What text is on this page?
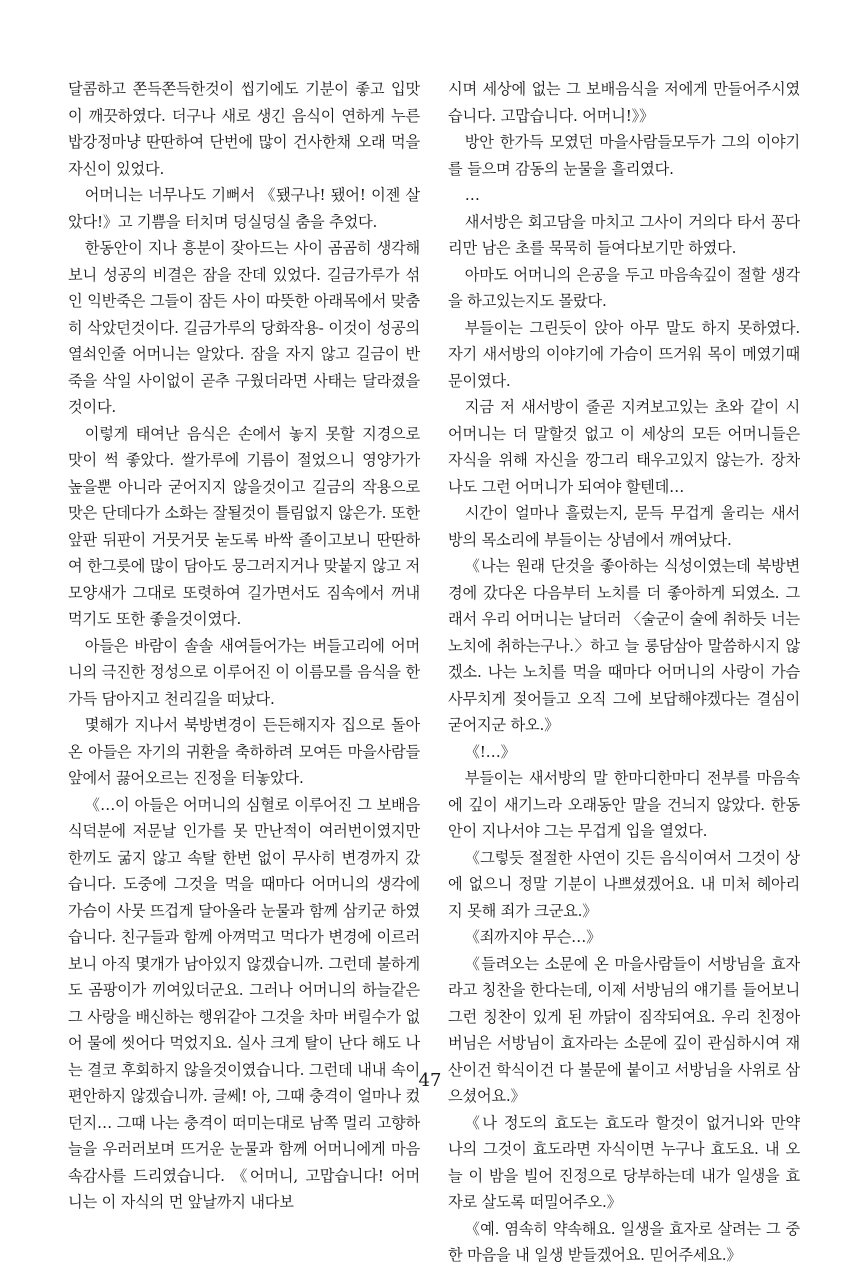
달콤하고 쫀득쫀득한것이 씹기에도 기분이 좋고 입맛이 깨끗하였다. 더구나 새로 생긴 음식이 연하게 누른 밥강정마냥 딴딴하여 단번에 많이 건사한채 오래 먹을 자신이 있었다.

어머니는 너무나도 기뻐서 《됐구나! 됐어! 이젠 살았다!》고 기쁨을 터치며 덩실덩실 춤을 추었다.

한동안이 지나 흥분이 잦아드는 사이 곰곰히 생각해보니 성공의 비결은 잠을 잔데 있었다. 길금가루가 섞인 익반죽은 그들이 잠든 사이 따뜻한 아래목에서 맞춤히 삭았던것이다. 길금가루의 당화작용- 이것이 성공의 열쇠인줄 어머니는 알았다. 잠을 자지 않고 길금이 반죽을 삭일 사이없이 곧추 구웠더라면 사태는 달라졌을것이다.

이렇게 태여난 음식은 손에서 놓지 못할 지경으로 맛이 썩 좋았다. 쌀가루에 기름이 절었으니 영양가가 높을뿐 아니라 굳어지지 않을것이고 길금의 작용으로 맛은 단데다가 소화는 잘될것이 틀림없지 않은가. 또한 앞판 뒤판이 거뭇거뭇 눋도록 바싹 졸이고보니 딴딴하여 한그릇에 많이 담아도 뭉그러지거나 맞붙지 않고 저 모양새가 그대로 또렷하여 길가면서도 짐속에서 꺼내먹기도 또한 좋을것이였다.

아들은 바람이 솔솔 새여들어가는 버들고리에 어머니의 극진한 정성으로 이루어진 이 이름모를 음식을 한가득 담아지고 천리길을 떠났다.

몇해가 지나서 북방변경이 든든해지자 집으로 돌아온 아들은 자기의 귀환을 축하하려 모여든 마을사람들앞에서 끓어오르는 진정을 터놓았다.

《…이 아들은 어머니의 심혈로 이루어진 그 보배음식덕분에 저문날 인가를 못 만난적이 여러번이였지만 한끼도 굶지 않고 속탈 한번 없이 무사히 변경까지 갔습니다. 도중에 그것을 먹을 때마다 어머니의 생각에 가슴이 사뭇 뜨겁게 달아올라 눈물과 함께 삼키군 하였습니다. 친구들과 함께 아껴먹고 먹다가 변경에 이르러 보니 아직 몇개가 남아있지 않겠습니까. 그런데 불하게도 곰팡이가 끼여있더군요. 그러나 어머니의 하늘같은 그 사랑을 배신하는 행위같아 그것을 차마 버릴수가 없어 물에 씻어다 먹었지요. 실사 크게 탈이 난다 해도 나는 결코 후회하지 않을것이였습니다. 그런데 내내 속이 편안하지 않겠습니까. 글쎄! 아, 그때 충격이 얼마나 컸던지… 그때 나는 충격이 떠미는대로 남쪽 멀리 고향하늘을 우러러보며 뜨거운 눈물과 함께 어머니에게 마음속감사를 드리였습니다. 《어머니, 고맙습니다! 어머니는 이 자식의 먼 앞날까지 내다보

시며 세상에 없는 그 보배음식을 저에게 만들어주시였습니다. 고맙습니다. 어머니!》》

방안 한가득 모였던 마을사람들모두가 그의 이야기를 들으며 감동의 눈물을 흘리였다.

…

새서방은 회고담을 마치고 그사이 거의다 타서 꽁다리만 남은 초를 묵묵히 들여다보기만 하였다.

아마도 어머니의 은공을 두고 마음속깊이 절할 생각을 하고있는지도 몰랐다.

부들이는 그린듯이 앉아 아무 말도 하지 못하였다. 자기 새서방의 이야기에 가슴이 뜨거워 목이 메였기때문이였다.

지금 저 새서방이 줄곧 지켜보고있는 초와 같이 시어머니는 더 말할것 없고 이 세상의 모든 어머니들은 자식을 위해 자신을 깡그리 태우고있지 않는가. 장차 나도 그런 어머니가 되여야 할텐데…

시간이 얼마나 흘렀는지, 문득 무겁게 울리는 새서방의 목소리에 부들이는 상념에서 깨여났다.

《나는 원래 단것을 좋아하는 식성이였는데 북방변경에 갔다온 다음부터 노치를 더 좋아하게 되였소. 그래서 우리 어머니는 날더러 〈술군이 술에 취하듯 너는 노치에 취하는구나.〉하고 늘 롱담삼아 말씀하시지 않겠소. 나는 노치를 먹을 때마다 어머니의 사랑이 가슴사무치게 젖어들고 오직 그에 보답해야겠다는 결심이 굳어지군 하오.》

《!…》

부들이는 새서방의 말 한마디한마디 전부를 마음속에 깊이 새기느라 오래동안 말을 건늬지 않았다. 한동안이 지나서야 그는 무겁게 입을 열었다.

《그렇듯 절절한 사연이 깃든 음식이여서 그것이 상에 없으니 정말 기분이 나쁘셨겠어요. 내 미처 헤아리지 못해 죄가 크군요.》

《죄까지야 무슨…》

《들려오는 소문에 온 마을사람들이 서방님을 효자라고 칭찬을 한다는데, 이제 서방님의 얘기를 들어보니 그런 칭찬이 있게 된 까닭이 짐작되여요. 우리 친정아버님은 서방님이 효자라는 소문에 깊이 관심하시여 재산이건 학식이건 다 불문에 붙이고 서방님을 사위로 삼으셨어요.》

《나 정도의 효도는 효도라 할것이 없거니와 만약 나의 그것이 효도라면 자식이면 누구나 효도요. 내 오늘 이 밤을 빌어 진정으로 당부하는데 내가 일생을 효자로 살도록 떠밀어주오.》

《예. 염속히 약속해요. 일생을 효자로 살려는 그 중한 마음을 내 일생 받들겠어요. 믿어주세요.》

47
